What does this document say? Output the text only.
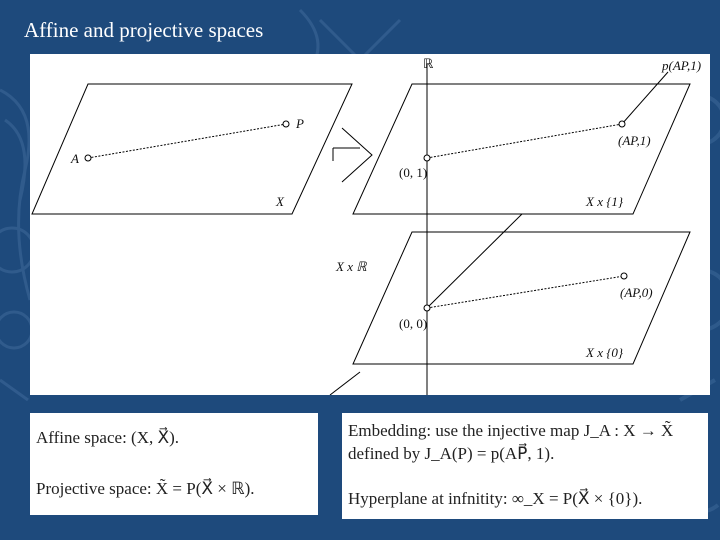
Affine and projective spaces
A
P
X
ℝ	p(AP,1)
(0, 1)
(AP,1)
X x {1}
X x ℝ
(AP,0)
(0, 0)
X x {0}
Affine space: (X, X⃗).
Projective space: X̃ = P(X⃗ × ℝ).
Embedding: use the injective map J_A : X → X̃
defined by J_A(P) = p(AP⃗, 1).
Hyperplane at infnitity: ∞_X = P(X⃗ × {0}).
